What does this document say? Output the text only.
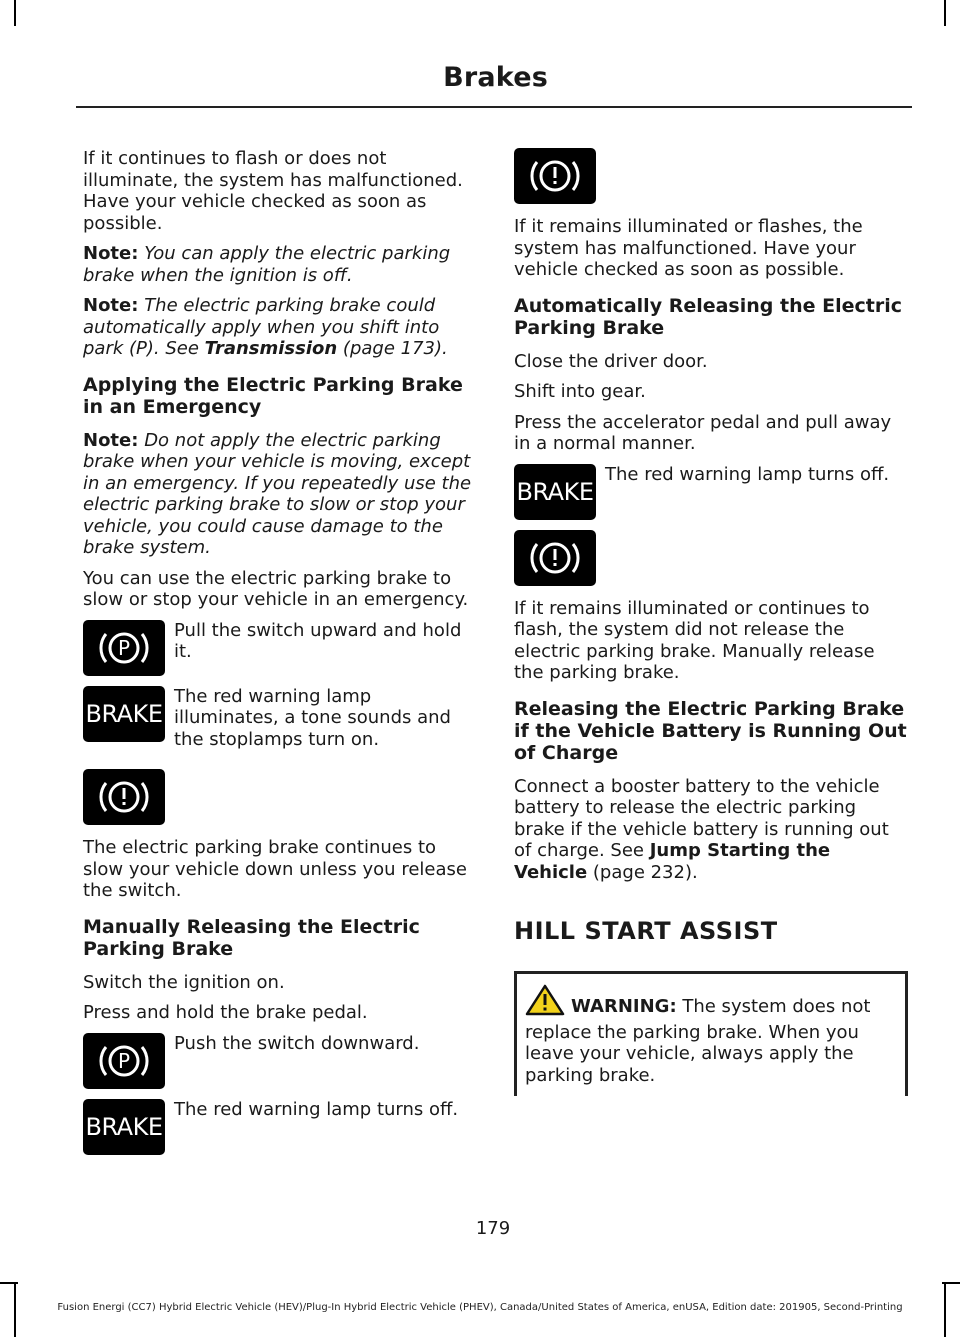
Brakes

If it continues to flash or does not illuminate, the system has malfunctioned. Have your vehicle checked as soon as possible.

Note: You can apply the electric parking brake when the ignition is off.

Note: The electric parking brake could automatically apply when you shift into park (P). See Transmission (page 173).

Applying the Electric Parking Brake in an Emergency

Note: Do not apply the electric parking brake when your vehicle is moving, except in an emergency. If you repeatedly use the electric parking brake to slow or stop your vehicle, you could cause damage to the brake system.

You can use the electric parking brake to slow or stop your vehicle in an emergency.

P

Pull the switch upward and hold it.

BRAKE

The red warning lamp illuminates, a tone sounds and the stoplamps turn on.

The electric parking brake continues to slow your vehicle down unless you release the switch.

Manually Releasing the Electric Parking Brake

Switch the ignition on.

Press and hold the brake pedal.

P

Push the switch downward.

BRAKE

The red warning lamp turns off.

If it remains illuminated or flashes, the system has malfunctioned. Have your vehicle checked as soon as possible.

Automatically Releasing the Electric Parking Brake

Close the driver door.

Shift into gear.

Press the accelerator pedal and pull away in a normal manner.

BRAKE

The red warning lamp turns off.

If it remains illuminated or continues to flash, the system did not release the electric parking brake. Manually release the parking brake.

Releasing the Electric Parking Brake if the Vehicle Battery is Running Out of Charge

Connect a booster battery to the vehicle battery to release the electric parking brake if the vehicle battery is running out of charge. See Jump Starting the Vehicle (page 232).

HILL START ASSIST

WARNING: The system does not replace the parking brake. When you leave your vehicle, always apply the parking brake.

179
Fusion Energi (CC7) Hybrid Electric Vehicle (HEV)/Plug-In Hybrid Electric Vehicle (PHEV), Canada/United States of America, enUSA, Edition date: 201905, Second-Printing
